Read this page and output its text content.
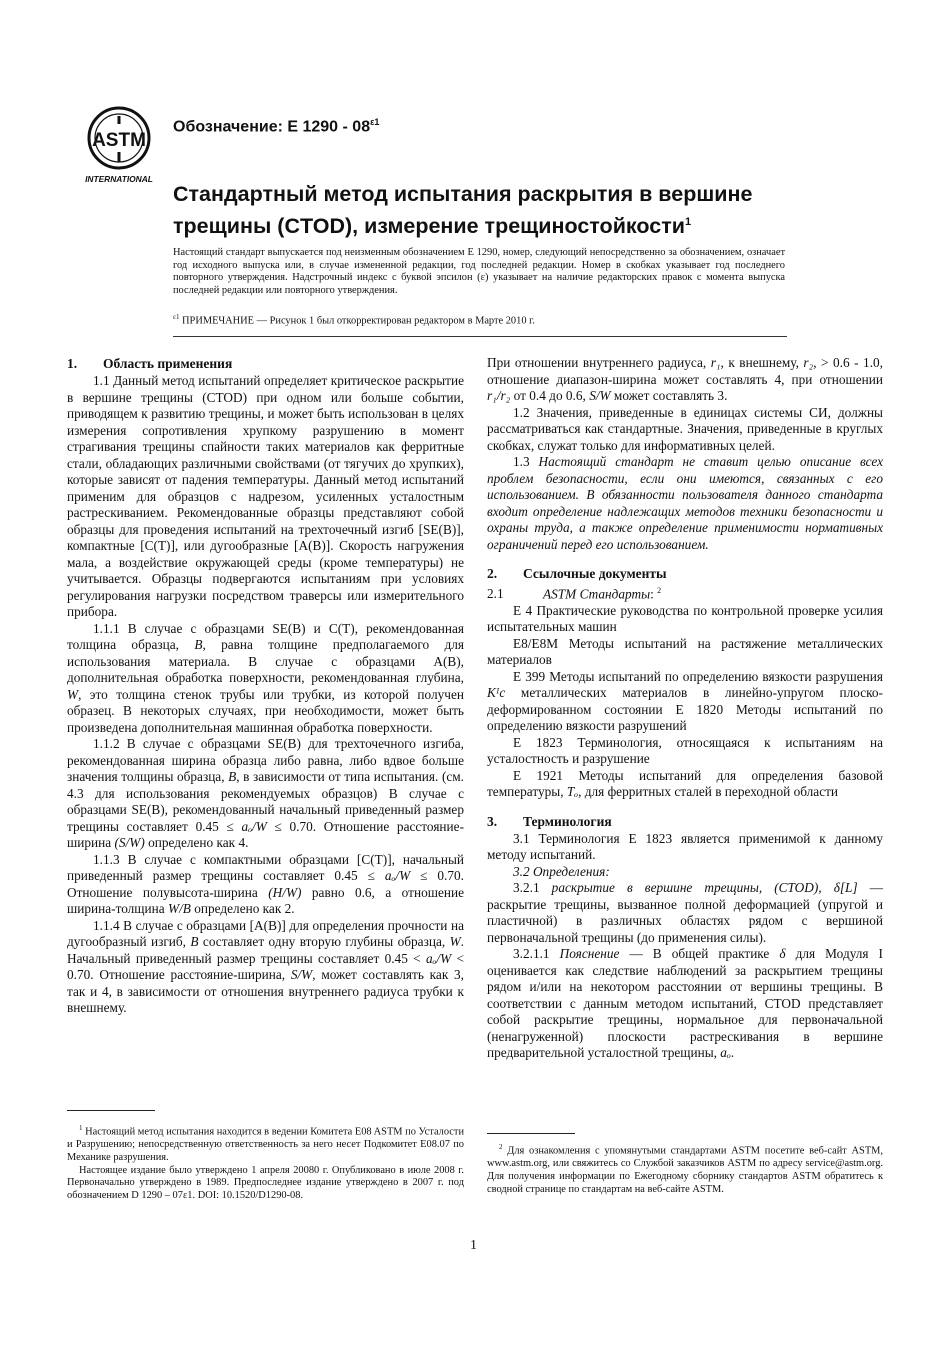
ASTM
INTERNATIONAL
Обозначение: E $1290 - 08^{\varepsilon 1}$
Стандартный метод испытания раскрытия в вершине трещины (CTOD), измерение трещиностойкости$^1$
Настоящий стандарт выпускается под неизменным обозначением Е 1290, номер, следующий непосредственно за обозначением, означает год исходного выпуска или, в случае измененной редакции, год последней редакции. Номер в скобках указывает год последнего повторного утверждения. Надстрочный индекс с буквой эпсилон (ε) указывает на наличие редакторских правок с момента выпуска последней редакции или повторного утверждения.
$^{\varepsilon 1}$ ПРИМЕЧАНИЕ — Рисунок 1 был откорректирован редактором в Марте 2010 г.
1. Область применения

1.1 Данный метод испытаний определяет критическое раскрытие в вершине трещины (CTOD) при одном или больше событии, приводящем к развитию трещины, и может быть использован в целях измерения сопротивления хрупкому разрушению в момент страгивания трещины спайности таких материалов как ферритные стали, обладающих различными свойствами (от тягучих до хрупких), которые зависят от падения температуры. Данный метод испытаний применим для образцов с надрезом, усиленных усталостным растрескиванием. Рекомендованные образцы представляют собой образцы для проведения испытаний на трехточечный изгиб [SE(B)], компактные [C(T)], или дугообразные [A(B)]. Скорость нагружения мала, а воздействие окружающей среды (кроме температуры) не учитывается. Образцы подвергаются испытаниям при условиях регулирования нагрузки посредством траверсы или измерительного прибора.

1.1.1 В случае с образцами SE(B) и C(T), рекомендованная толщина образца, B, равна толщине предполагаемого для использования материала. В случае с образцами A(B), дополнительная обработка поверхности, рекомендованная глубина, W, это толщина стенок трубы или трубки, из которой получен образец. В некоторых случаях, при необходимости, может быть произведена дополнительная машинная обработка поверхности.

1.1.2 В случае с образцами SE(B) для трехточечного изгиба, рекомендованная ширина образца либо равна, либо вдвое больше значения толщины образца, B, в зависимости от типа испытания. (см. 4.3 для использования рекомендуемых образцов) В случае с образцами SE(B), рекомендованный начальный приведенный размер трещины составляет 0.45 ≤ aₒ/W ≤ 0.70. Отношение расстояние-ширина (S/W) определено как 4.

1.1.3 В случае с компактными образцами [C(T)], начальный приведенный размер трещины составляет 0.45 ≤ aₒ/W ≤ 0.70. Отношение полувысота-ширина (H/W) равно 0.6, а отношение ширина-толщина W/B определено как 2.

1.1.4 В случае с образцами [A(B)] для определения прочности на дугообразный изгиб, B составляет одну вторую глубины образца, W. Начальный приведенный размер трещины составляет 0.45 < aₒ/W < 0.70. Отношение расстояние-ширина, S/W, может составлять как 3, так и 4, в зависимости от отношения внутреннего радиуса трубки к внешнему.

При отношении внутреннего радиуса, r₁, к внешнему, r₂, > 0.6 - 1.0, отношение диапазон-ширина может составлять 4, при отношении r₁/r₂ от 0.4 до 0.6, S/W может составлять 3.

1.2 Значения, приведенные в единицах системы СИ, должны рассматриваться как стандартные. Значения, приведенные в круглых скобках, служат только для информативных целей.

1.3 Настоящий стандарт не ставит целью описание всех проблем безопасности, если они имеются, связанных с его использованием. В обязанности пользователя данного стандарта входит определение надлежащих методов техники безопасности и охраны труда, а также определение применимости нормативных ограничений перед его использованием.

2. Ссылочные документы

2.1	ASTM Стандарты: $^2$

E 4 Практические руководства по контрольной проверке усилия испытательных машин

E8/E8M Методы испытаний на растяжение металлических материалов

E 399 Методы испытаний по определению вязкости разрушения Kᴵc металлических материалов в линейно-упругом плоско-деформированном состоянии E 1820 Методы испытаний по определению вязкости разрушений

E 1823 Терминология, относящаяся к испытаниям на усталостность и разрушение

E 1921 Методы испытаний для определения базовой температуры, Tₒ, для ферритных сталей в переходной области

3. Терминология

3.1 Терминология E 1823 является применимой к данному методу испытаний.

3.2 Определения:

3.2.1 раскрытие в вершине трещины, (CTOD), δ[L] — раскрытие трещины, вызванное полной деформацией (упругой и пластичной) в различных областях рядом с вершиной первоначальной трещины (до применения силы).

3.2.1.1 Пояснение — В общей практике δ для Модуля I оценивается как следствие наблюдений за раскрытием трещины рядом и/или на некотором расстоянии от вершины трещины. В соответствии с данным методом испытаний, CTOD представляет собой раскрытие трещины, нормальное для первоначальной (ненагруженной) плоскости растрескивания в вершине предварительной усталостной трещины, aₒ.

$^1$ Настоящий метод испытания находится в ведении Комитета E08 ASTM по Усталости и Разрушению; непосредственную ответственность за него несет Подкомитет E08.07 по Механике разрушения.

Настоящее издание было утверждено 1 апреля 20080 г. Опубликовано в июле 2008 г. Первоначально утверждено в 1989. Предпоследнее издание утверждено в 2007 г. под обозначением D 1290 – 07ε1. DOI: 10.1520/D1290-08.

$^2$ Для ознакомления с упомянутыми стандартами ASTM посетите веб-сайт ASTM, www.astm.org, или свяжитесь со Службой заказчиков ASTM по адресу service@astm.org. Для получения информации по Ежегодному сборнику стандартов ASTM обратитесь к сводной странице по стандартам на веб-сайте ASTM.

1
